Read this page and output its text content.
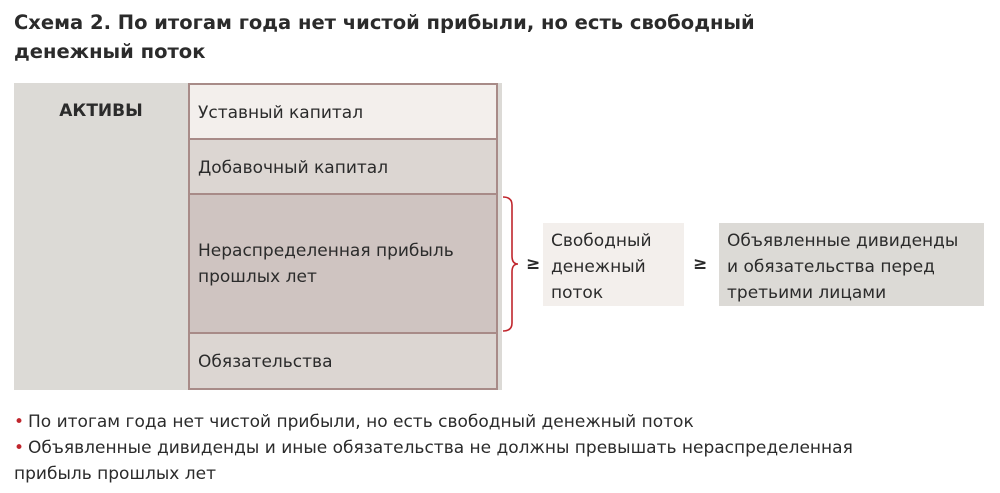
Схема 2. По итогам года нет чистой прибыли, но есть свободный
денежный поток
АКТИВЫ	Уставный капитал
Добавочный капитал
Нераспределенная прибыль
прошлых лет
Обязательства
≥
Свободный
денежный
поток
≥
Объявленные дивиденды
и обязательства перед
третьими лицами
• По итогам года нет чистой прибыли, но есть свободный денежный поток
• Объявленные дивиденды и иные обязательства не должны превышать нераспределенная
прибыль прошлых лет
